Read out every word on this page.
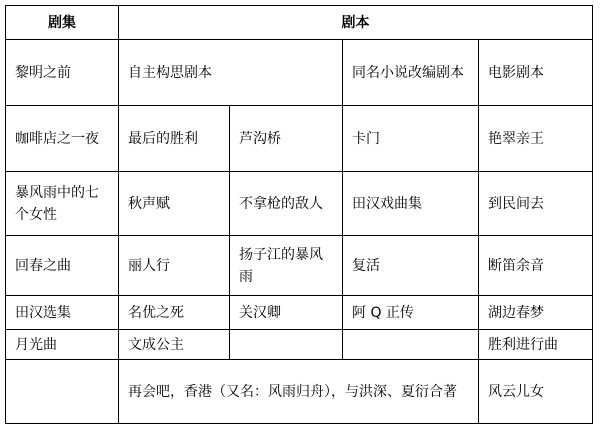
剧集	剧本			
黎明之前	自主构思剧本		同名小说改编剧本	电影剧本
咖啡店之一夜	最后的胜利	芦沟桥	卡门	艳翠亲王
暴风雨中的七个女性	秋声赋	不拿枪的敌人	田汉戏曲集	到民间去
回春之曲	丽人行	扬子江的暴风雨	复活	断笛余音
田汉选集	名优之死	关汉卿	阿 Q 正传	湖边春梦
月光曲	文成公主			胜利进行曲
	再会吧，香港（又名：风雨归舟），与洪深、夏衍合著			风云儿女
